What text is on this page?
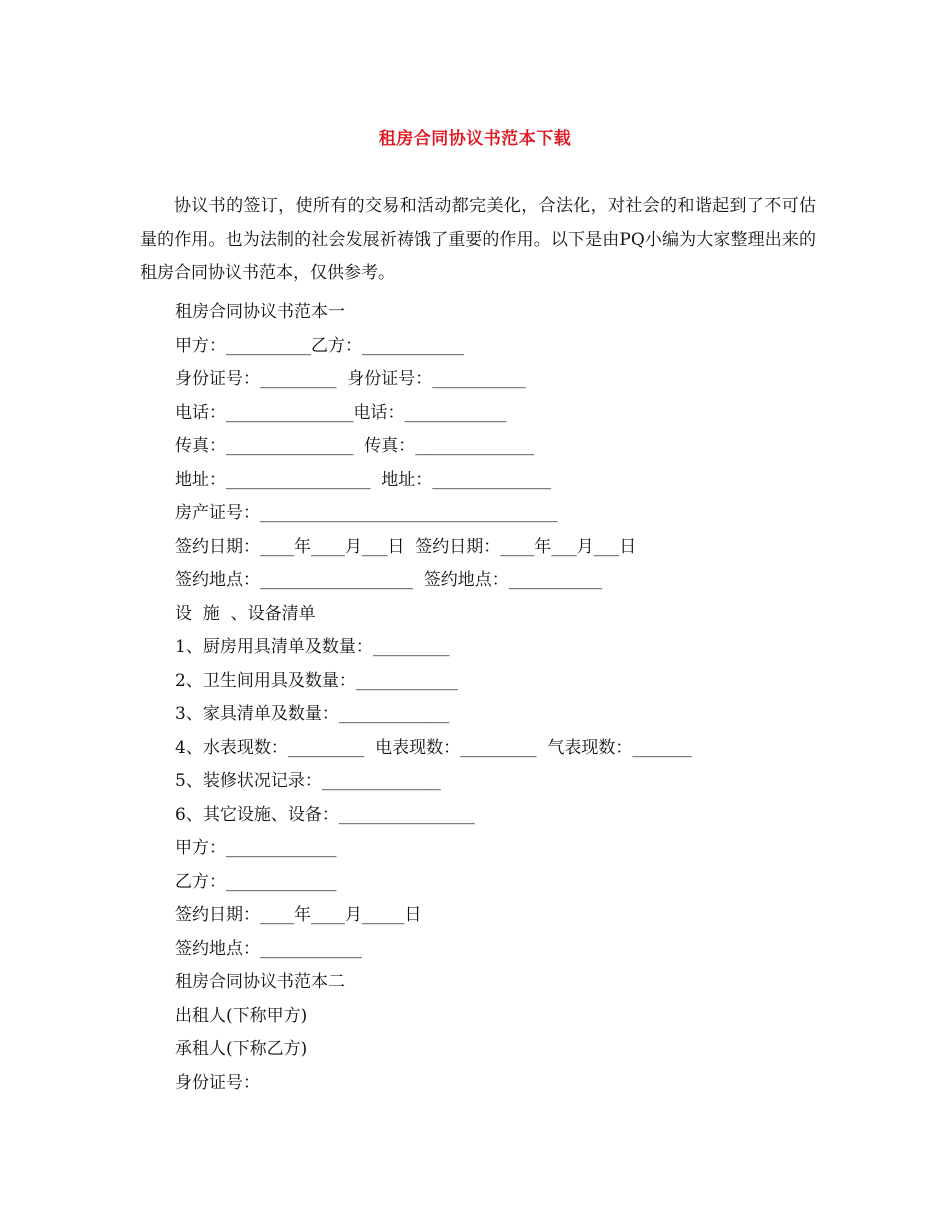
租房合同协议书范本下载
协议书的签订，使所有的交易和活动都完美化，合法化，对社会的和谐起到了不可估量的作用。也为法制的社会发展祈祷饿了重要的作用。以下是由PQ小编为大家整理出来的租房合同协议书范本，仅供参考。
租房合同协议书范本一
甲方：__________乙方：____________
身份证号：_________  身份证号：___________
电话：_______________电话：____________
传真：_______________  传真：______________
地址：_________________  地址：______________
房产证号：___________________________________
签约日期：____年____月___日  签约日期：____年___月___日
签约地点：__________________  签约地点：___________
设  施  、设备清单
1、厨房用具清单及数量：_________
2、卫生间用具及数量：____________
3、家具清单及数量：_____________
4、水表现数：_________  电表现数：_________  气表现数：_______
5、装修状况记录：______________
6、其它设施、设备：________________
甲方：_____________
乙方：_____________
签约日期：____年____月_____日
签约地点：____________
租房合同协议书范本二
出租人(下称甲方)
承租人(下称乙方)
身份证号：
